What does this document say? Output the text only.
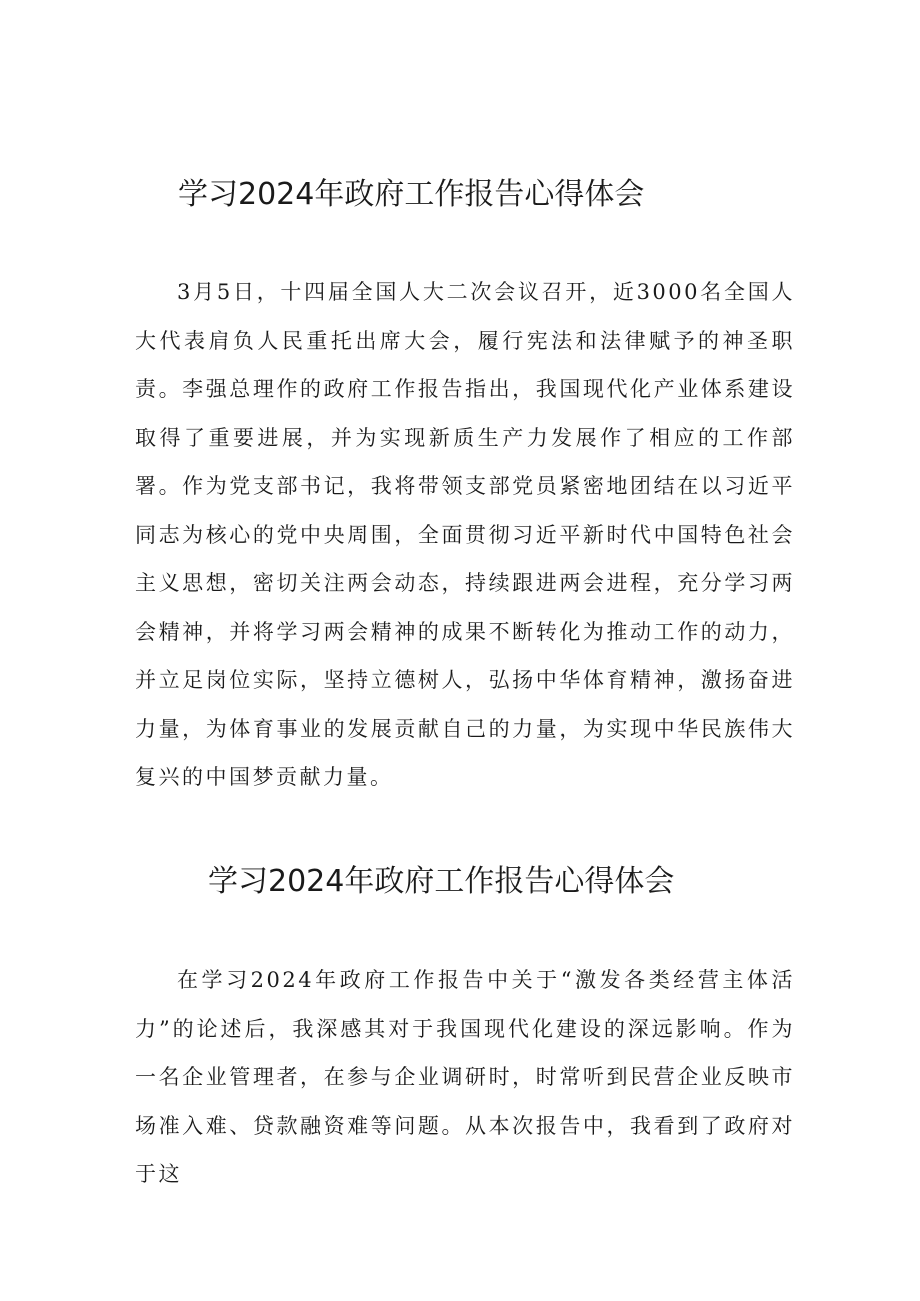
学习2024年政府工作报告心得体会

3月5日，十四届全国人大二次会议召开，近3000名全国人大代表肩负人民重托出席大会，履行宪法和法律赋予的神圣职责。李强总理作的政府工作报告指出，我国现代化产业体系建设取得了重要进展，并为实现新质生产力发展作了相应的工作部署。作为党支部书记，我将带领支部党员紧密地团结在以习近平同志为核心的党中央周围，全面贯彻习近平新时代中国特色社会主义思想，密切关注两会动态，持续跟进两会进程，充分学习两会精神，并将学习两会精神的成果不断转化为推动工作的动力，并立足岗位实际，坚持立德树人，弘扬中华体育精神，激扬奋进力量，为体育事业的发展贡献自己的力量，为实现中华民族伟大复兴的中国梦贡献力量。

学习2024年政府工作报告心得体会

在学习2024年政府工作报告中关于“激发各类经营主体活力”的论述后，我深感其对于我国现代化建设的深远影响。作为一名企业管理者，在参与企业调研时，时常听到民营企业反映市场准入难、贷款融资难等问题。从本次报告中，我看到了政府对于这
